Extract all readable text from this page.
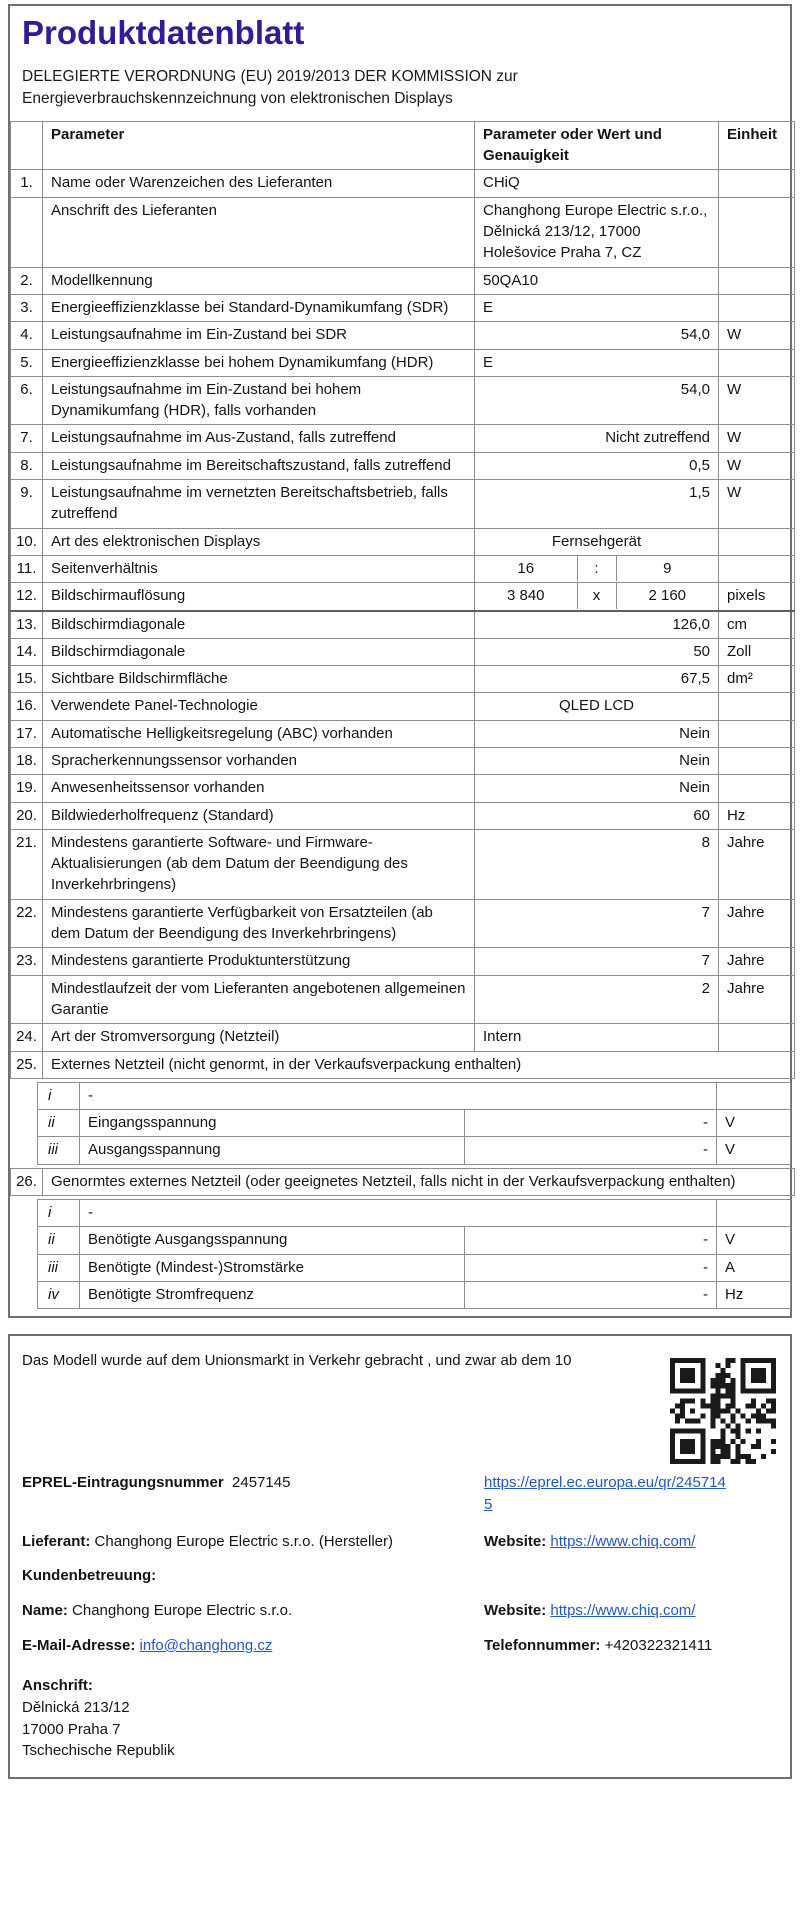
Produktdatenblatt
DELEGIERTE VERORDNUNG (EU) 2019/2013 DER KOMMISSION zur
Energieverbrauchskennzeichnung von elektronischen Displays
	Parameter	Parameter oder Wert und Genauigkeit	Einheit
1.	Name oder Warenzeichen des Lieferanten	CHiQ	
	Anschrift des Lieferanten	Changhong Europe Electric s.r.o., Dělnická 213/12, 17000 Holešovice Praha 7, CZ	
2.	Modellkennung	50QA10	
3.	Energieeffizienzklasse bei Standard-Dynamikumfang (SDR)	E	
4.	Leistungsaufnahme im Ein-Zustand bei SDR	54,0	W
5.	Energieeffizienzklasse bei hohem Dynamikumfang (HDR)	E	
6.	Leistungsaufnahme im Ein-Zustand bei hohem Dynamikumfang (HDR), falls vorhanden	54,0	W
7.	Leistungsaufnahme im Aus-Zustand, falls zutreffend	Nicht zutreffend	W
8.	Leistungsaufnahme im Bereitschaftszustand, falls zutreffend	0,5	W
9.	Leistungsaufnahme im vernetzten Bereitschaftsbetrieb, falls zutreffend	1,5	W
10.	Art des elektronischen Displays	Fernsehgerät	
11.	Seitenverhältnis	16 : 9	

12.	Bildschirmauflösung	3 840 x 2 160	pixels
13.	Bildschirmdiagonale	126,0	cm
14.	Bildschirmdiagonale	50	Zoll
15.	Sichtbare Bildschirmfläche	67,5	dm²
16.	Verwendete Panel-Technologie	QLED LCD	
17.	Automatische Helligkeitsregelung (ABC) vorhanden	Nein	
18.	Spracherkennungssensor vorhanden	Nein	
19.	Anwesenheitssensor vorhanden	Nein	
20.	Bildwiederholfrequenz (Standard)	60	Hz
21.	Mindestens garantierte Software- und Firmware-Aktualisierungen (ab dem Datum der Beendigung des Inverkehrbringens)	8	Jahre
22.	Mindestens garantierte Verfügbarkeit von Ersatzteilen (ab dem Datum der Beendigung des Inverkehrbringens)	7	Jahre
23.	Mindestens garantierte Produktunterstützung	7	Jahre
	Mindestlaufzeit der vom Lieferanten angebotenen allgemeinen Garantie	2	Jahre
24.	Art der Stromversorgung (Netzteil)	Intern	
25.	Externes Netzteil (nicht genormt, in der Verkaufsverpackung enthalten)		
i	-		
ii	Eingangsspannung	-	V
iii	Ausgangsspannung	-	V
26.	Genormtes externes Netzteil (oder geeignetes Netzteil, falls nicht in der Verkaufsverpackung enthalten)
i	-		
ii	Benötigte Ausgangsspannung	-	V
iii	Benötigte (Mindest-)Stromstärke	-	A
iv	Benötigte Stromfrequenz	-	Hz
Das Modell wurde auf dem Unionsmarkt in Verkehr gebracht , und zwar ab dem 10
EPREL-Eintragungsnummer 2457145	https://eprel.ec.europa.eu/qr/2457145
Lieferant: Changhong Europe Electric s.r.o. (Hersteller)	Website: https://www.chiq.com/
Kundenbetreuung:
Name: Changhong Europe Electric s.r.o.	Website: https://www.chiq.com/
E-Mail-Adresse: info@changhong.cz	Telefonnummer: +420322321411
Anschrift:
Dělnická 213/12
17000 Praha 7
Tschechische Republik
